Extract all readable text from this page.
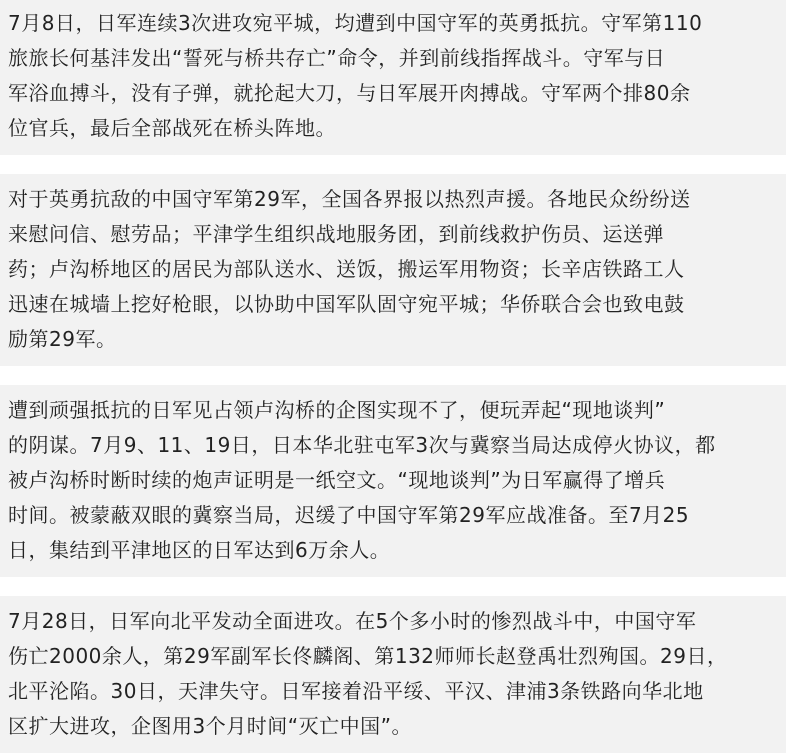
7月8日，日军连续3次进攻宛平城，均遭到中国守军的英勇抵抗。守军第110
旅旅长何基沣发出“誓死与桥共存亡”命令，并到前线指挥战斗。守军与日
军浴血搏斗，没有子弹，就抡起大刀，与日军展开肉搏战。守军两个排80余
位官兵，最后全部战死在桥头阵地。
对于英勇抗敌的中国守军第29军，全国各界报以热烈声援。各地民众纷纷送
来慰问信、慰劳品；平津学生组织战地服务团，到前线救护伤员、运送弹
药；卢沟桥地区的居民为部队送水、送饭，搬运军用物资；长辛店铁路工人
迅速在城墙上挖好枪眼，以协助中国军队固守宛平城；华侨联合会也致电鼓
励第29军。
遭到顽强抵抗的日军见占领卢沟桥的企图实现不了，便玩弄起“现地谈判”
的阴谋。7月9、11、19日，日本华北驻屯军3次与冀察当局达成停火协议，都
被卢沟桥时断时续的炮声证明是一纸空文。“现地谈判”为日军赢得了增兵
时间。被蒙蔽双眼的冀察当局，迟缓了中国守军第29军应战准备。至7月25
日，集结到平津地区的日军达到6万余人。
7月28日，日军向北平发动全面进攻。在5个多小时的惨烈战斗中，中国守军
伤亡2000余人，第29军副军长佟麟阁、第132师师长赵登禹壮烈殉国。29日，
北平沦陷。30日，天津失守。日军接着沿平绥、平汉、津浦3条铁路向华北地
区扩大进攻，企图用3个月时间“灭亡中国”。
